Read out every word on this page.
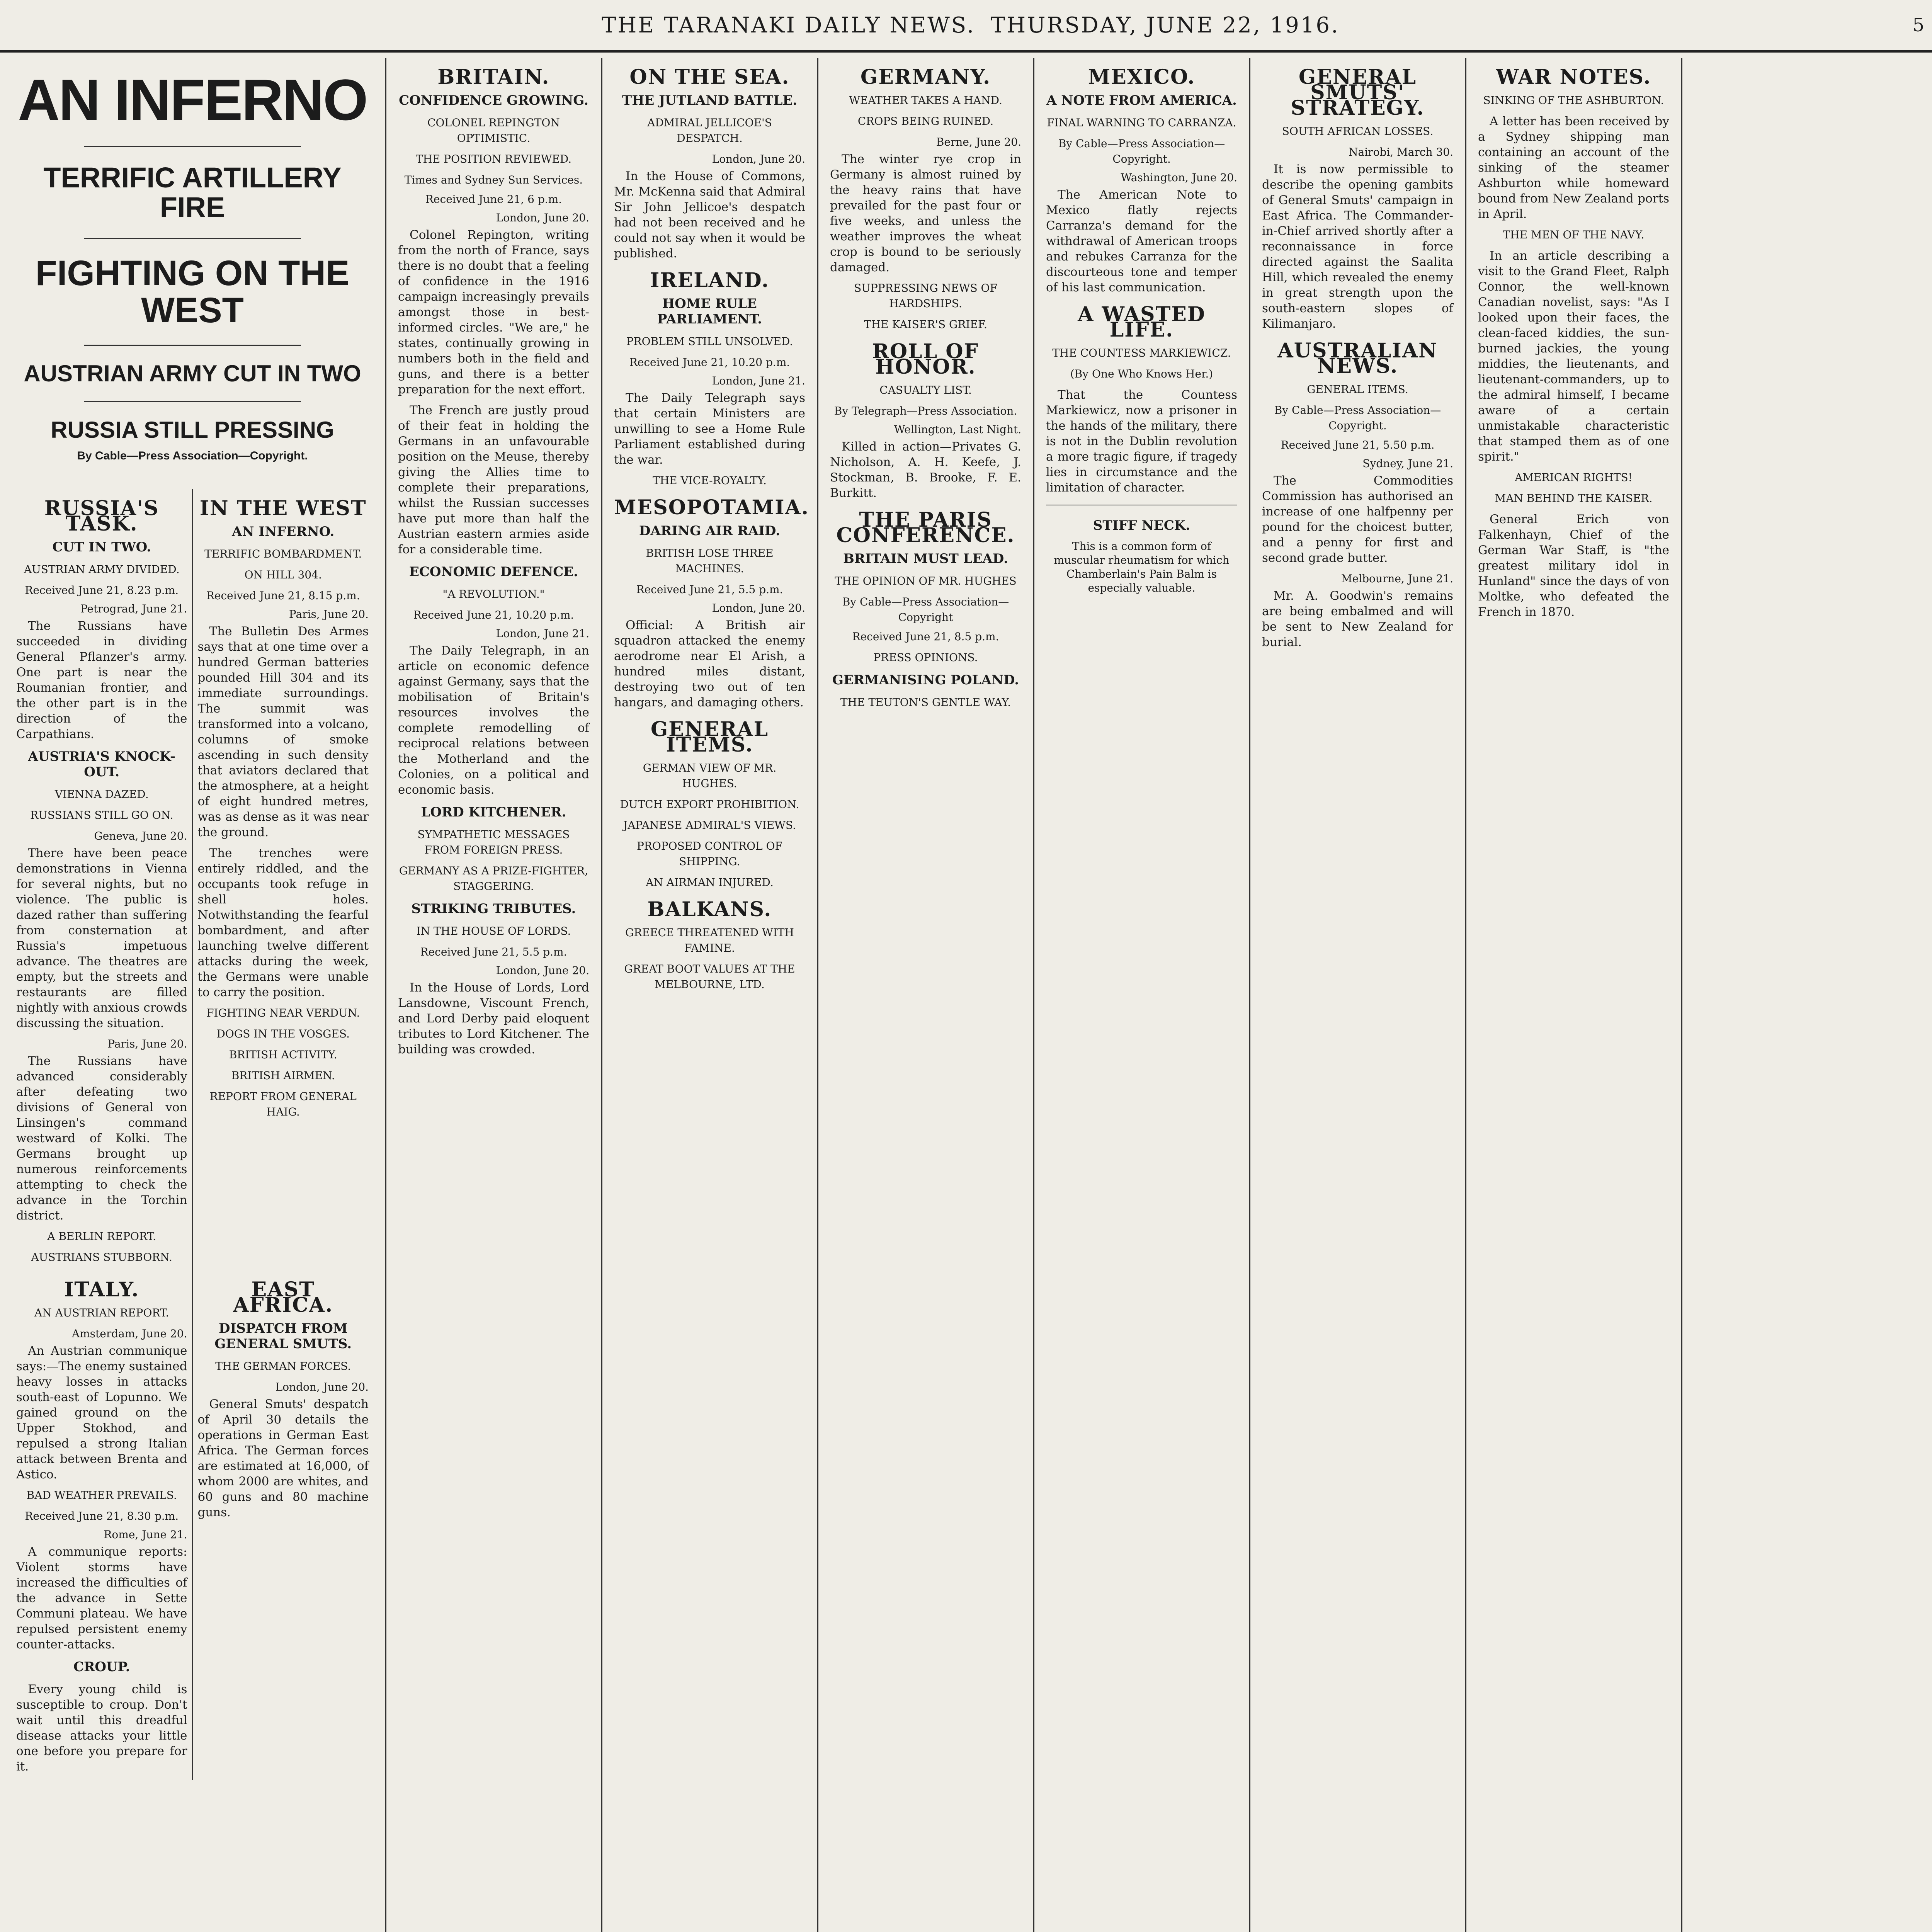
THE TARANAKI DAILY NEWS. THURSDAY, JUNE 22, 1916.	5
AN INFERNO
TERRIFIC ARTILLERY FIRE
FIGHTING ON THE WEST
AUSTRIAN ARMY CUT IN TWO
RUSSIA STILL PRESSING
By Cable—Press Association—Copyright.
RUSSIA'S TASK.
CUT IN TWO.
AUSTRIAN ARMY DIVIDED.
Received June 21, 8.23 p.m.
Petrograd, June 21.

The Russians have succeeded in dividing General Pflanzer's army. One part is near the Roumanian frontier, and the other part is in the direction of the Carpathians.

AUSTRIA'S KNOCK-OUT.
VIENNA DAZED.
RUSSIANS STILL GO ON.
Geneva, June 20.

There have been peace demonstrations in Vienna for several nights, but no violence. The public is dazed rather than suffering from consternation at Russia's impetuous advance. The theatres are empty, but the streets and restaurants are filled nightly with anxious crowds discussing the situation.

Paris, June 20.

The Russians have advanced considerably after defeating two divisions of General von Linsingen's command westward of Kolki. The Germans brought up numerous reinforcements attempting to check the advance in the Torchin district.

A BERLIN REPORT.
AUSTRIANS STUBBORN.
IN THE WEST
AN INFERNO.
TERRIFIC BOMBARDMENT.
ON HILL 304.
Received June 21, 8.15 p.m.
Paris, June 20.

The Bulletin Des Armes says that at one time over a hundred German batteries pounded Hill 304 and its immediate surroundings. The summit was transformed into a volcano, columns of smoke ascending in such density that aviators declared that the atmosphere, at a height of eight hundred metres, was as dense as it was near the ground.

The trenches were entirely riddled, and the occupants took refuge in shell holes. Notwithstanding the fearful bombardment, and after launching twelve different attacks during the week, the Germans were unable to carry the position.

FIGHTING NEAR VERDUN.
DOGS IN THE VOSGES.
BRITISH ACTIVITY.
BRITISH AIRMEN.
REPORT FROM GENERAL HAIG.
ITALY.
AN AUSTRIAN REPORT.
Amsterdam, June 20.

An Austrian communique says:—The enemy sustained heavy losses in attacks south-east of Lopunno. We gained ground on the Upper Stokhod, and repulsed a strong Italian attack between Brenta and Astico.

BAD WEATHER PREVAILS.
Received June 21, 8.30 p.m.
Rome, June 21.

A communique reports: Violent storms have increased the difficulties of the advance in Sette Communi plateau. We have repulsed persistent enemy counter-attacks.

CROUP.

Every young child is susceptible to croup. Don't wait until this dreadful disease attacks your little one before you prepare for it.

EAST AFRICA.
DISPATCH FROM GENERAL SMUTS.
THE GERMAN FORCES.
London, June 20.

General Smuts' despatch of April 30 details the operations in German East Africa. The German forces are estimated at 16,000, of whom 2000 are whites, and 60 guns and 80 machine guns.

BRITAIN.
CONFIDENCE GROWING.
COLONEL REPINGTON OPTIMISTIC.
THE POSITION REVIEWED.
Times and Sydney Sun Services.
Received June 21, 6 p.m.
London, June 20.

Colonel Repington, writing from the north of France, says there is no doubt that a feeling of confidence in the 1916 campaign increasingly prevails amongst those in best-informed circles. "We are," he states, continually growing in numbers both in the field and guns, and there is a better preparation for the next effort.

The French are justly proud of their feat in holding the Germans in an unfavourable position on the Meuse, thereby giving the Allies time to complete their preparations, whilst the Russian successes have put more than half the Austrian eastern armies aside for a considerable time.

ECONOMIC DEFENCE.
"A REVOLUTION."
Received June 21, 10.20 p.m.
London, June 21.

The Daily Telegraph, in an article on economic defence against Germany, says that the mobilisation of Britain's resources involves the complete remodelling of reciprocal relations between the Motherland and the Colonies, on a political and economic basis.

LORD KITCHENER.
SYMPATHETIC MESSAGES FROM FOREIGN PRESS.
GERMANY AS A PRIZE-FIGHTER, STAGGERING.
STRIKING TRIBUTES.
IN THE HOUSE OF LORDS.
Received June 21, 5.5 p.m.
London, June 20.

In the House of Lords, Lord Lansdowne, Viscount French, and Lord Derby paid eloquent tributes to Lord Kitchener. The building was crowded.

ON THE SEA.
THE JUTLAND BATTLE.
ADMIRAL JELLICOE'S DESPATCH.
London, June 20.

In the House of Commons, Mr. McKenna said that Admiral Sir John Jellicoe's despatch had not been received and he could not say when it would be published.

IRELAND.
HOME RULE PARLIAMENT.
PROBLEM STILL UNSOLVED.
Received June 21, 10.20 p.m.
London, June 21.

The Daily Telegraph says that certain Ministers are unwilling to see a Home Rule Parliament established during the war.

THE VICE-ROYALTY.
MESOPOTAMIA.
DARING AIR RAID.
BRITISH LOSE THREE MACHINES.
Received June 21, 5.5 p.m.
London, June 20.

Official: A British air squadron attacked the enemy aerodrome near El Arish, a hundred miles distant, destroying two out of ten hangars, and damaging others.

GENERAL ITEMS.
GERMAN VIEW OF MR. HUGHES.
DUTCH EXPORT PROHIBITION.
JAPANESE ADMIRAL'S VIEWS.
PROPOSED CONTROL OF SHIPPING.
AN AIRMAN INJURED.
BALKANS.
GREECE THREATENED WITH FAMINE.
GREAT BOOT VALUES AT THE MELBOURNE, LTD.
GERMANY.
WEATHER TAKES A HAND.
CROPS BEING RUINED.
Berne, June 20.

The winter rye crop in Germany is almost ruined by the heavy rains that have prevailed for the past four or five weeks, and unless the weather improves the wheat crop is bound to be seriously damaged.

SUPPRESSING NEWS OF HARDSHIPS.
THE KAISER'S GRIEF.
ROLL OF HONOR.
CASUALTY LIST.
By Telegraph—Press Association.
Wellington, Last Night.

Killed in action—Privates G. Nicholson, A. H. Keefe, J. Stockman, B. Brooke, F. E. Burkitt.

THE PARIS CONFERENCE.
BRITAIN MUST LEAD.
THE OPINION OF MR. HUGHES
By Cable—Press Association—Copyright
Received June 21, 8.5 p.m.
PRESS OPINIONS.
GERMANISING POLAND.
THE TEUTON'S GENTLE WAY.
MEXICO.
A NOTE FROM AMERICA.
FINAL WARNING TO CARRANZA.
By Cable—Press Association—Copyright.
Washington, June 20.

The American Note to Mexico flatly rejects Carranza's demand for the withdrawal of American troops and rebukes Carranza for the discourteous tone and temper of his last communication.

A WASTED LIFE.
THE COUNTESS MARKIEWICZ.
(By One Who Knows Her.)

That the Countess Markiewicz, now a prisoner in the hands of the military, there is not in the Dublin revolution a more tragic figure, if tragedy lies in circumstance and the limitation of character.

STIFF NECK.
This is a common form of muscular rheumatism for which Chamberlain's Pain Balm is especially valuable.
GENERAL SMUTS' STRATEGY.
SOUTH AFRICAN LOSSES.
Nairobi, March 30.

It is now permissible to describe the opening gambits of General Smuts' campaign in East Africa. The Commander-in-Chief arrived shortly after a reconnaissance in force directed against the Saalita Hill, which revealed the enemy in great strength upon the south-eastern slopes of Kilimanjaro.

AUSTRALIAN NEWS.
GENERAL ITEMS.
By Cable—Press Association—Copyright.
Received June 21, 5.50 p.m.
Sydney, June 21.

The Commodities Commission has authorised an increase of one halfpenny per pound for the choicest butter, and a penny for first and second grade butter.

Melbourne, June 21.

Mr. A. Goodwin's remains are being embalmed and will be sent to New Zealand for burial.

WAR NOTES.
SINKING OF THE ASHBURTON.

A letter has been received by a Sydney shipping man containing an account of the sinking of the steamer Ashburton while homeward bound from New Zealand ports in April.

THE MEN OF THE NAVY.

In an article describing a visit to the Grand Fleet, Ralph Connor, the well-known Canadian novelist, says: "As I looked upon their faces, the clean-faced kiddies, the sun-burned jackies, the young middies, the lieutenants, and lieutenant-commanders, up to the admiral himself, I became aware of a certain unmistakable characteristic that stamped them as of one spirit."

AMERICAN RIGHTS!
MAN BEHIND THE KAISER.

General Erich von Falkenhayn, Chief of the German War Staff, is "the greatest military idol in Hunland" since the days of von Moltke, who defeated the French in 1870.
